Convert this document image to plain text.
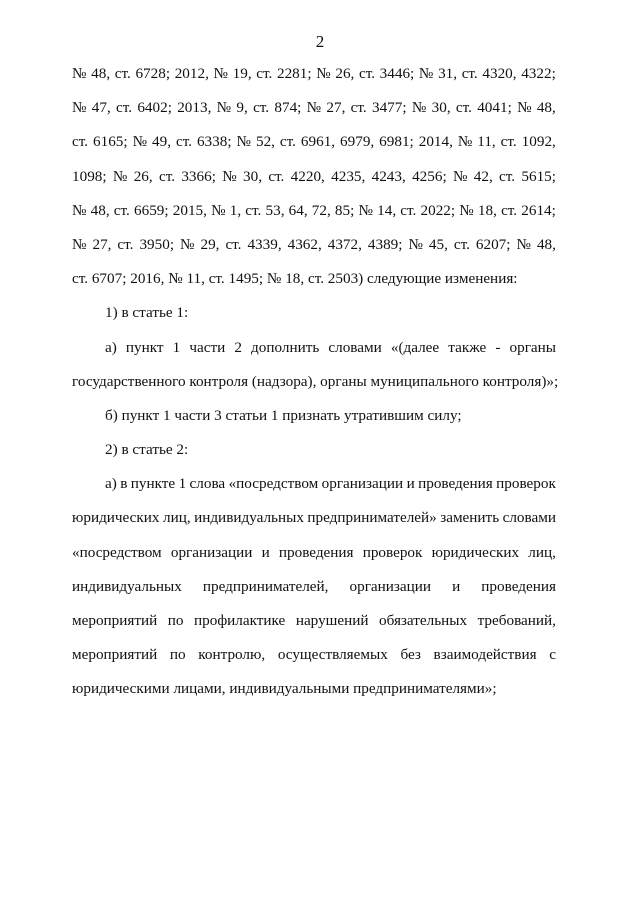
2
№ 48, ст. 6728; 2012, № 19, ст. 2281; № 26, ст. 3446; № 31, ст. 4320, 4322;
№ 47, ст. 6402; 2013, № 9, ст. 874; № 27, ст. 3477; № 30, ст. 4041; № 48,
ст. 6165; № 49, ст. 6338; № 52, ст. 6961, 6979, 6981; 2014, № 11, ст. 1092,
1098; № 26, ст. 3366; № 30, ст. 4220, 4235, 4243, 4256; № 42, ст. 5615;
№ 48, ст. 6659; 2015, № 1, ст. 53, 64, 72, 85; № 14, ст. 2022; № 18, ст. 2614;
№ 27, ст. 3950; № 29, ст. 4339, 4362, 4372, 4389; № 45, ст. 6207; № 48,
ст. 6707; 2016, № 11, ст. 1495; № 18, ст. 2503) следующие изменения:
1) в статье 1:
а) пункт 1 части 2 дополнить словами «(далее также - органы
государственного контроля (надзора), органы муниципального контроля)»;
б) пункт 1 части 3 статьи 1 признать утратившим силу;
2) в статье 2:
а) в пункте 1 слова «посредством организации и проведения проверок
юридических лиц, индивидуальных предпринимателей» заменить словами
«посредством организации и проведения проверок юридических лиц,
индивидуальных предпринимателей, организации и проведения
мероприятий по профилактике нарушений обязательных требований,
мероприятий по контролю, осуществляемых без взаимодействия с
юридическими лицами, индивидуальными предпринимателями»;
